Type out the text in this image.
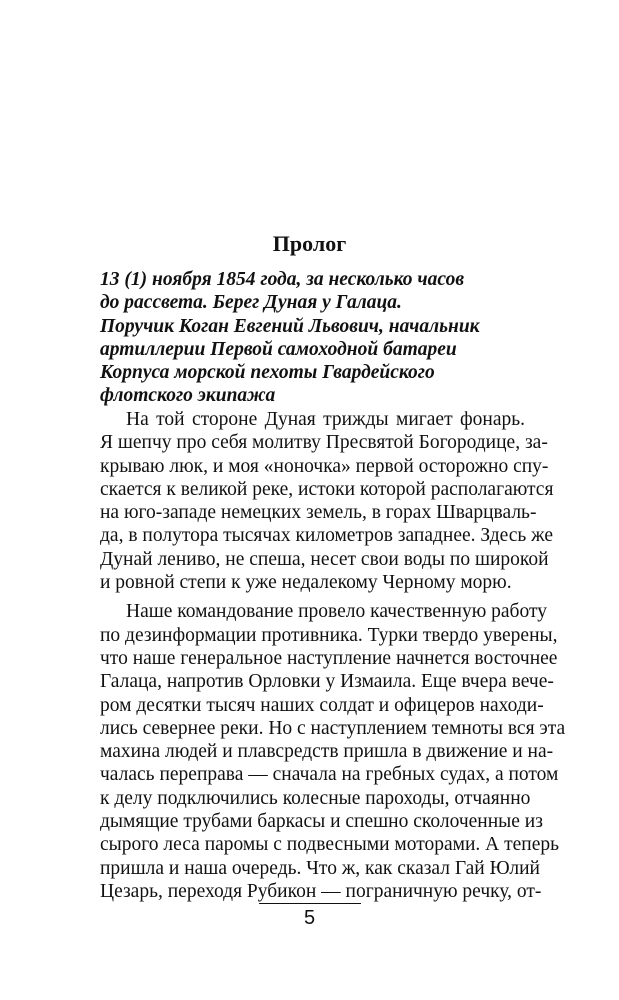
Пролог
13 (1) ноября 1854 года, за несколько часов
до рассвета. Берег Дуная у Галаца.
Поручик Коган Евгений Львович, начальник
артиллерии Первой самоходной батареи
Корпуса морской пехоты Гвардейского
флотского экипажа
На той стороне Дуная трижды мигает фонарь.
Я шепчу про себя молитву Пресвятой Богородице, за-
крываю люк, и моя «ноночка» первой осторожно спу-
скается к великой реке, истоки которой располагаются
на юго-западе немецких земель, в горах Шварцваль-
да, в полутора тысячах километров западнее. Здесь же
Дунай лениво, не спеша, несет свои воды по широкой
и ровной степи к уже недалекому Черному морю.
Наше командование провело качественную работу
по дезинформации противника. Турки твердо уверены,
что наше генеральное наступление начнется восточнее
Галаца, напротив Орловки у Измаила. Еще вчера вече-
ром десятки тысяч наших солдат и офицеров находи-
лись севернее реки. Но с наступлением темноты вся эта
махина людей и плавсредств пришла в движение и на-
чалась переправа — сначала на гребных судах, а потом
к делу подключились колесные пароходы, отчаянно
дымящие трубами баркасы и спешно сколоченные из
сырого леса паромы с подвесными моторами. А теперь
пришла и наша очередь. Что ж, как сказал Гай Юлий
Цезарь, переходя Рубикон — пограничную речку, от-
5
